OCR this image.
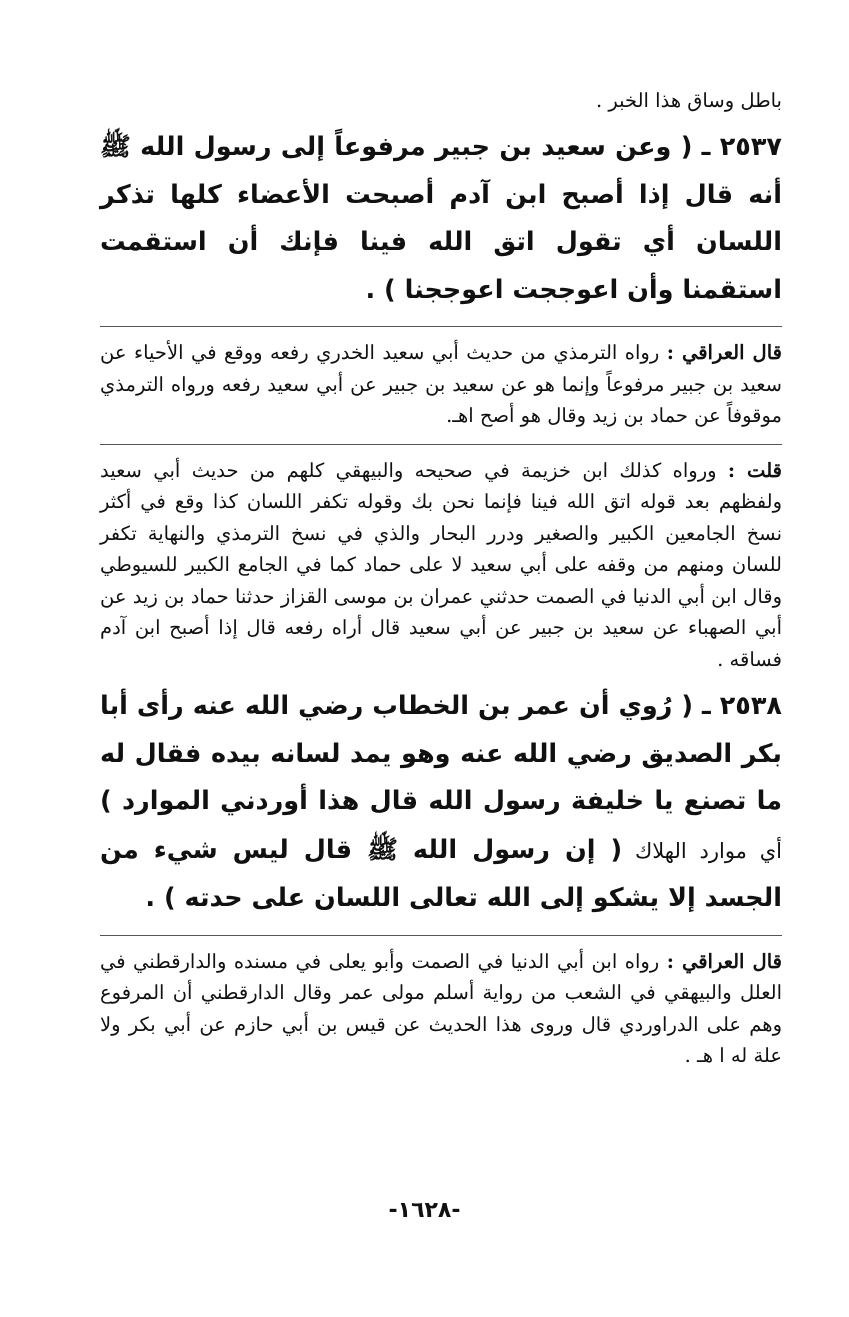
باطل وساق هذا الخبر .

٢٥٣٧ ـ ( وعن سعيد بن جبير مرفوعاً إلى رسول الله ﷺ أنه قال إذا أصبح ابن آدم أصبحت الأعضاء كلها تذكر اللسان أي تقول اتق الله فينا فإنك أن استقمت استقمنا وأن اعوججت اعوججنا ) .

قال العراقي : رواه الترمذي من حديث أبي سعيد الخدري رفعه ووقع في الأحياء عن سعيد بن جبير مرفوعاً وإنما هو عن سعيد بن جبير عن أبي سعيد رفعه ورواه الترمذي موقوفاً عن حماد بن زيد وقال هو أصح اهـ.

قلت : ورواه كذلك ابن خزيمة في صحيحه والبيهقي كلهم من حديث أبي سعيد ولفظهم بعد قوله اتق الله فينا فإنما نحن بك وقوله تكفر اللسان كذا وقع في أكثر نسخ الجامعين الكبير والصغير ودرر البحار والذي في نسخ الترمذي والنهاية تكفر للسان ومنهم من وقفه على أبي سعيد لا على حماد كما في الجامع الكبير للسيوطي وقال ابن أبي الدنيا في الصمت حدثني عمران بن موسى القزاز حدثنا حماد بن زيد عن أبي الصهباء عن سعيد بن جبير عن أبي سعيد قال أراه رفعه قال إذا أصبح ابن آدم فساقه .

٢٥٣٨ ـ ( رُوي أن عمر بن الخطاب رضي الله عنه رأى أبا بكر الصديق رضي الله عنه وهو يمد لسانه بيده فقال له ما تصنع يا خليفة رسول الله قال هذا أوردني الموارد ) أي موارد الهلاك ( إن رسول الله ﷺ قال ليس شيء من الجسد إلا يشكو إلى الله تعالى اللسان على حدته ) .

قال العراقي : رواه ابن أبي الدنيا في الصمت وأبو يعلى في مسنده والدارقطني في العلل والبيهقي في الشعب من رواية أسلم مولى عمر وقال الدارقطني أن المرفوع وهم على الدراوردي قال وروى هذا الحديث عن قيس بن أبي حازم عن أبي بكر ولا علة له ا هـ .

-١٦٢٨-
